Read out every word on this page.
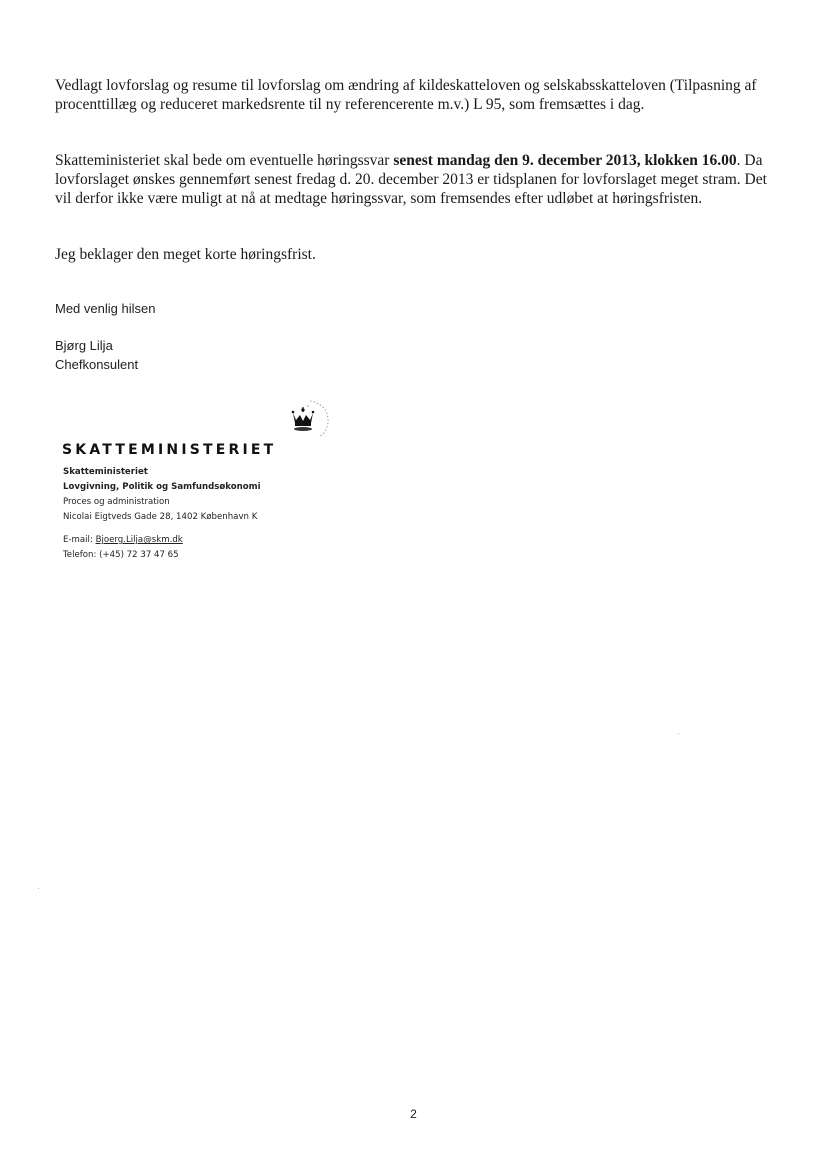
Vedlagt lovforslag og resume til lovforslag om ændring af kildeskatteloven og selskabsskatteloven (Tilpasning af procenttillæg og reduceret markedsrente til ny referencerente m.v.) L 95, som fremsættes i dag.

Skatteministeriet skal bede om eventuelle høringssvar senest mandag den 9. december 2013, klokken 16.00. Da lovforslaget ønskes gennemført senest fredag d. 20. december 2013 er tidsplanen for lovforslaget meget stram. Det vil derfor ikke være muligt at nå at medtage høringssvar, som fremsendes efter udløbet at høringsfristen.

Jeg beklager den meget korte høringsfrist.

Med venlig hilsen
Bjørg Lilja
Chefkonsulent
SKATTEMINISTERIET
Skatteministeriet
Lovgivning, Politik og Samfundsøkonomi
Proces og administration
Nicolai Eigtveds Gade 28, 1402 København K
E-mail: Bjoerg.Lilja@skm.dk
Telefon: (+45) 72 37 47 65
2
